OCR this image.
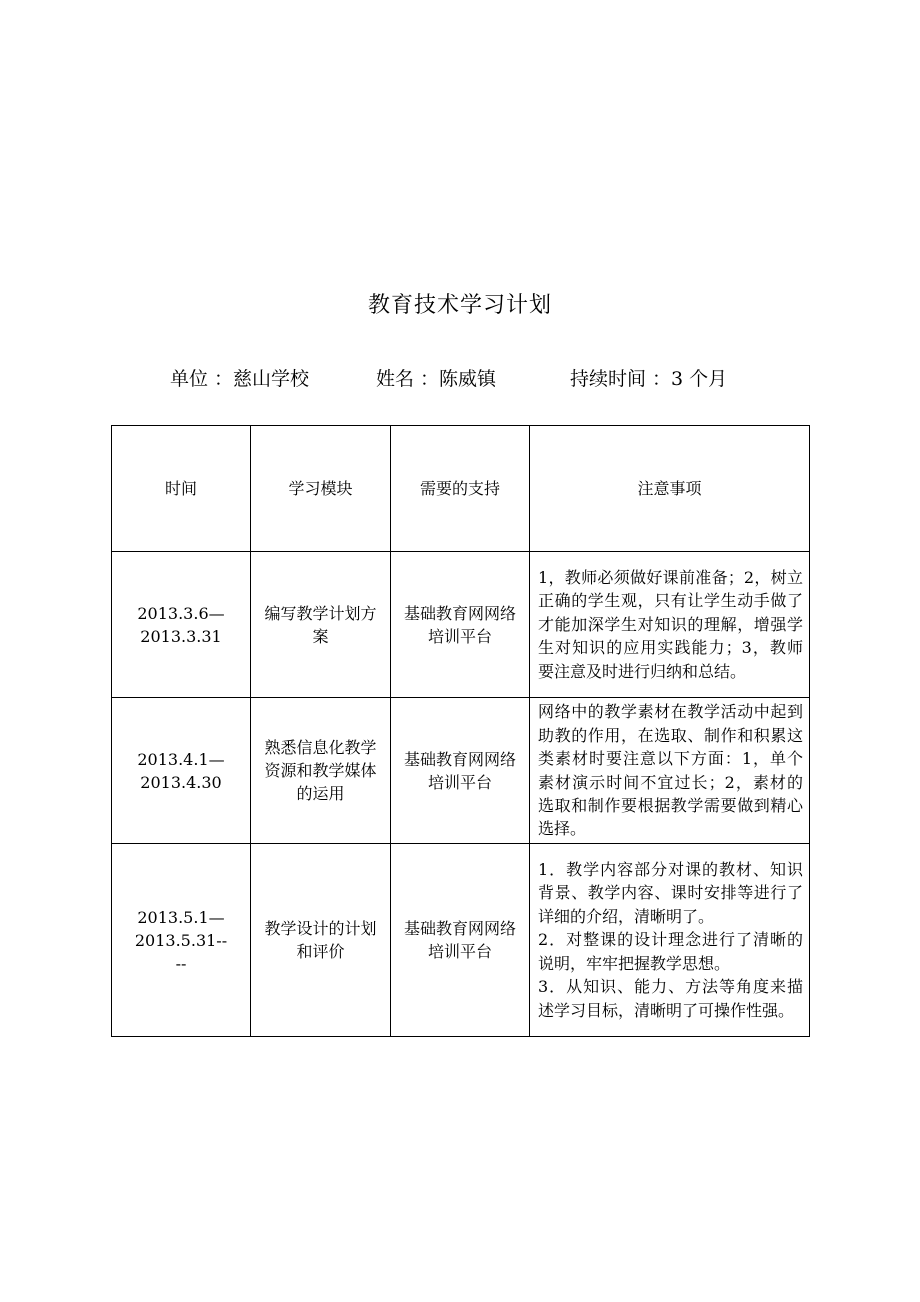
教育技术学习计划
单位 ：慈山学校	姓名 ：陈威镇	持续时间 ：3 个月
时间	学习模块	需要的支持	注意事项

2013.3.6—2013.3.31	编写教学计划方案	基础教育网网络培训平台	1，教师必须做好课前准备；2，树立正确的学生观，只有让学生动手做了才能加深学生对知识的理解，增强学生对知识的应用实践能力；3，教师要注意及时进行归纳和总结。

2013.4.1—2013.4.30	熟悉信息化教学资源和教学媒体的运用	基础教育网网络培训平台	网络中的教学素材在教学活动中起到助教的作用，在选取、制作和积累这类素材时要注意以下方面：1，单个素材演示时间不宜过长；2，素材的选取和制作要根据教学需要做到精心选择。

2013.5.1—2013.5.31----	教学设计的计划和评价	基础教育网网络培训平台	1．教学内容部分对课的教材、知识背景、教学内容、课时安排等进行了详细的介绍，清晰明了。
2．对整课的设计理念进行了清晰的说明，牢牢把握教学思想。
3．从知识、能力、方法等角度来描述学习目标，清晰明了可操作性强。
